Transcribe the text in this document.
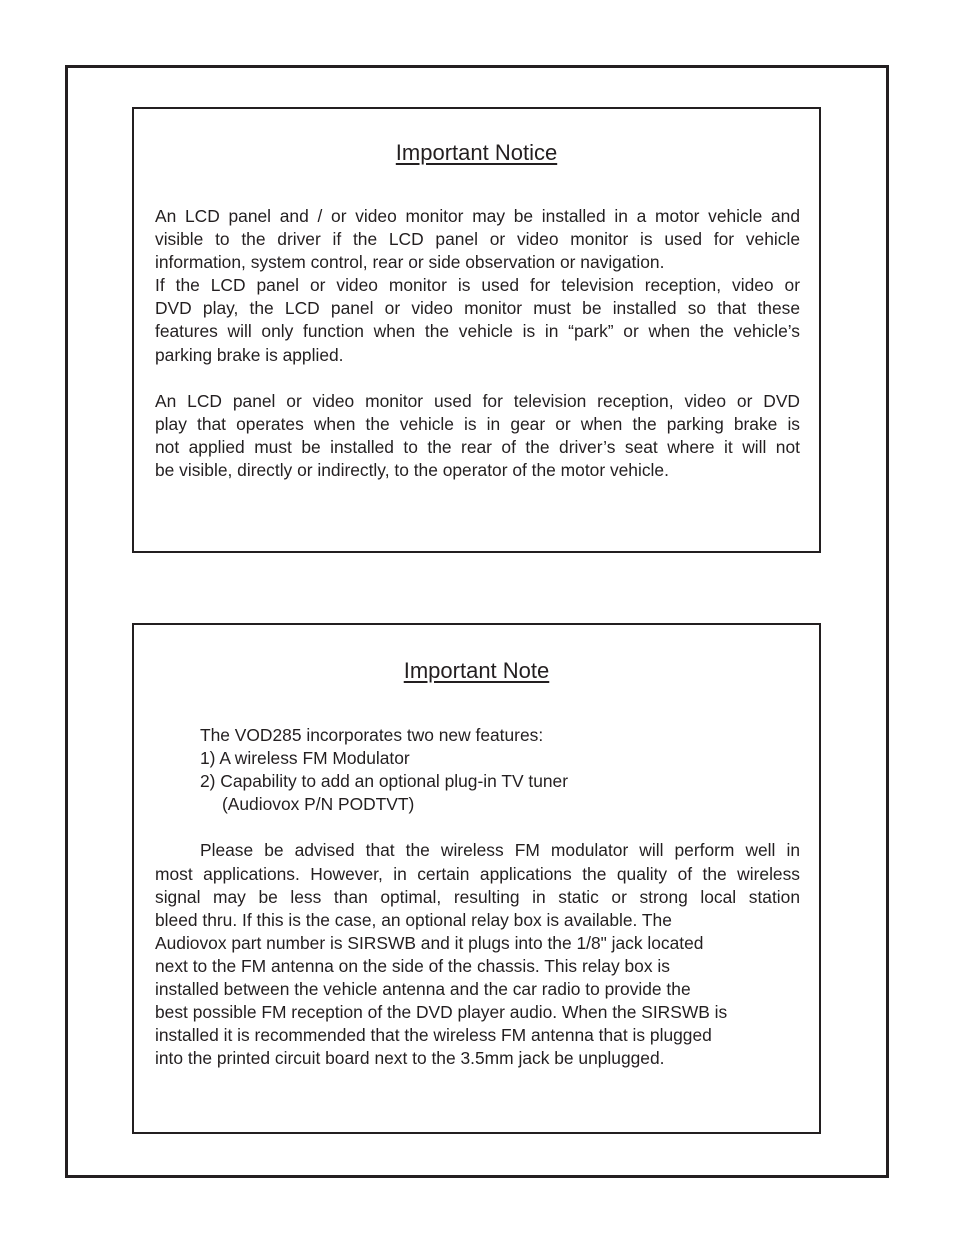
Important Notice
An LCD panel and / or video monitor may be installed in a motor vehicle and
visible to the driver if the LCD panel or video monitor is used for vehicle
information, system control, rear or side observation or navigation.
If the LCD panel or video monitor is used for television reception, video or
DVD play, the LCD panel or video monitor must be installed so that these
features will only function when the vehicle is in “park” or when the vehicle’s
parking brake is applied.
An LCD panel or video monitor used for television reception, video or DVD
play that operates when the vehicle is in gear or when the parking brake is
not applied must be installed to the rear of the driver’s seat where it will not
be visible, directly or indirectly, to the operator of the motor vehicle.
Important Note
The VOD285 incorporates two new features:
1) A wireless FM Modulator
2) Capability to add an optional plug-in TV tuner
(Audiovox P/N PODTVT)
Please be advised that the wireless FM modulator will perform well in
most applications. However, in certain applications the quality of the wireless
signal may be less than optimal, resulting in static or strong local station
bleed thru. If this is the case, an optional relay box is available. The
Audiovox part number is SIRSWB and it plugs into the 1/8" jack located
next to the FM antenna on the side of the chassis. This relay box is
installed between the vehicle antenna and the car radio to provide the
best possible FM reception of the DVD player audio. When the SIRSWB is
installed it is recommended that the wireless FM antenna that is plugged
into the printed circuit board next to the 3.5mm jack be unplugged.
